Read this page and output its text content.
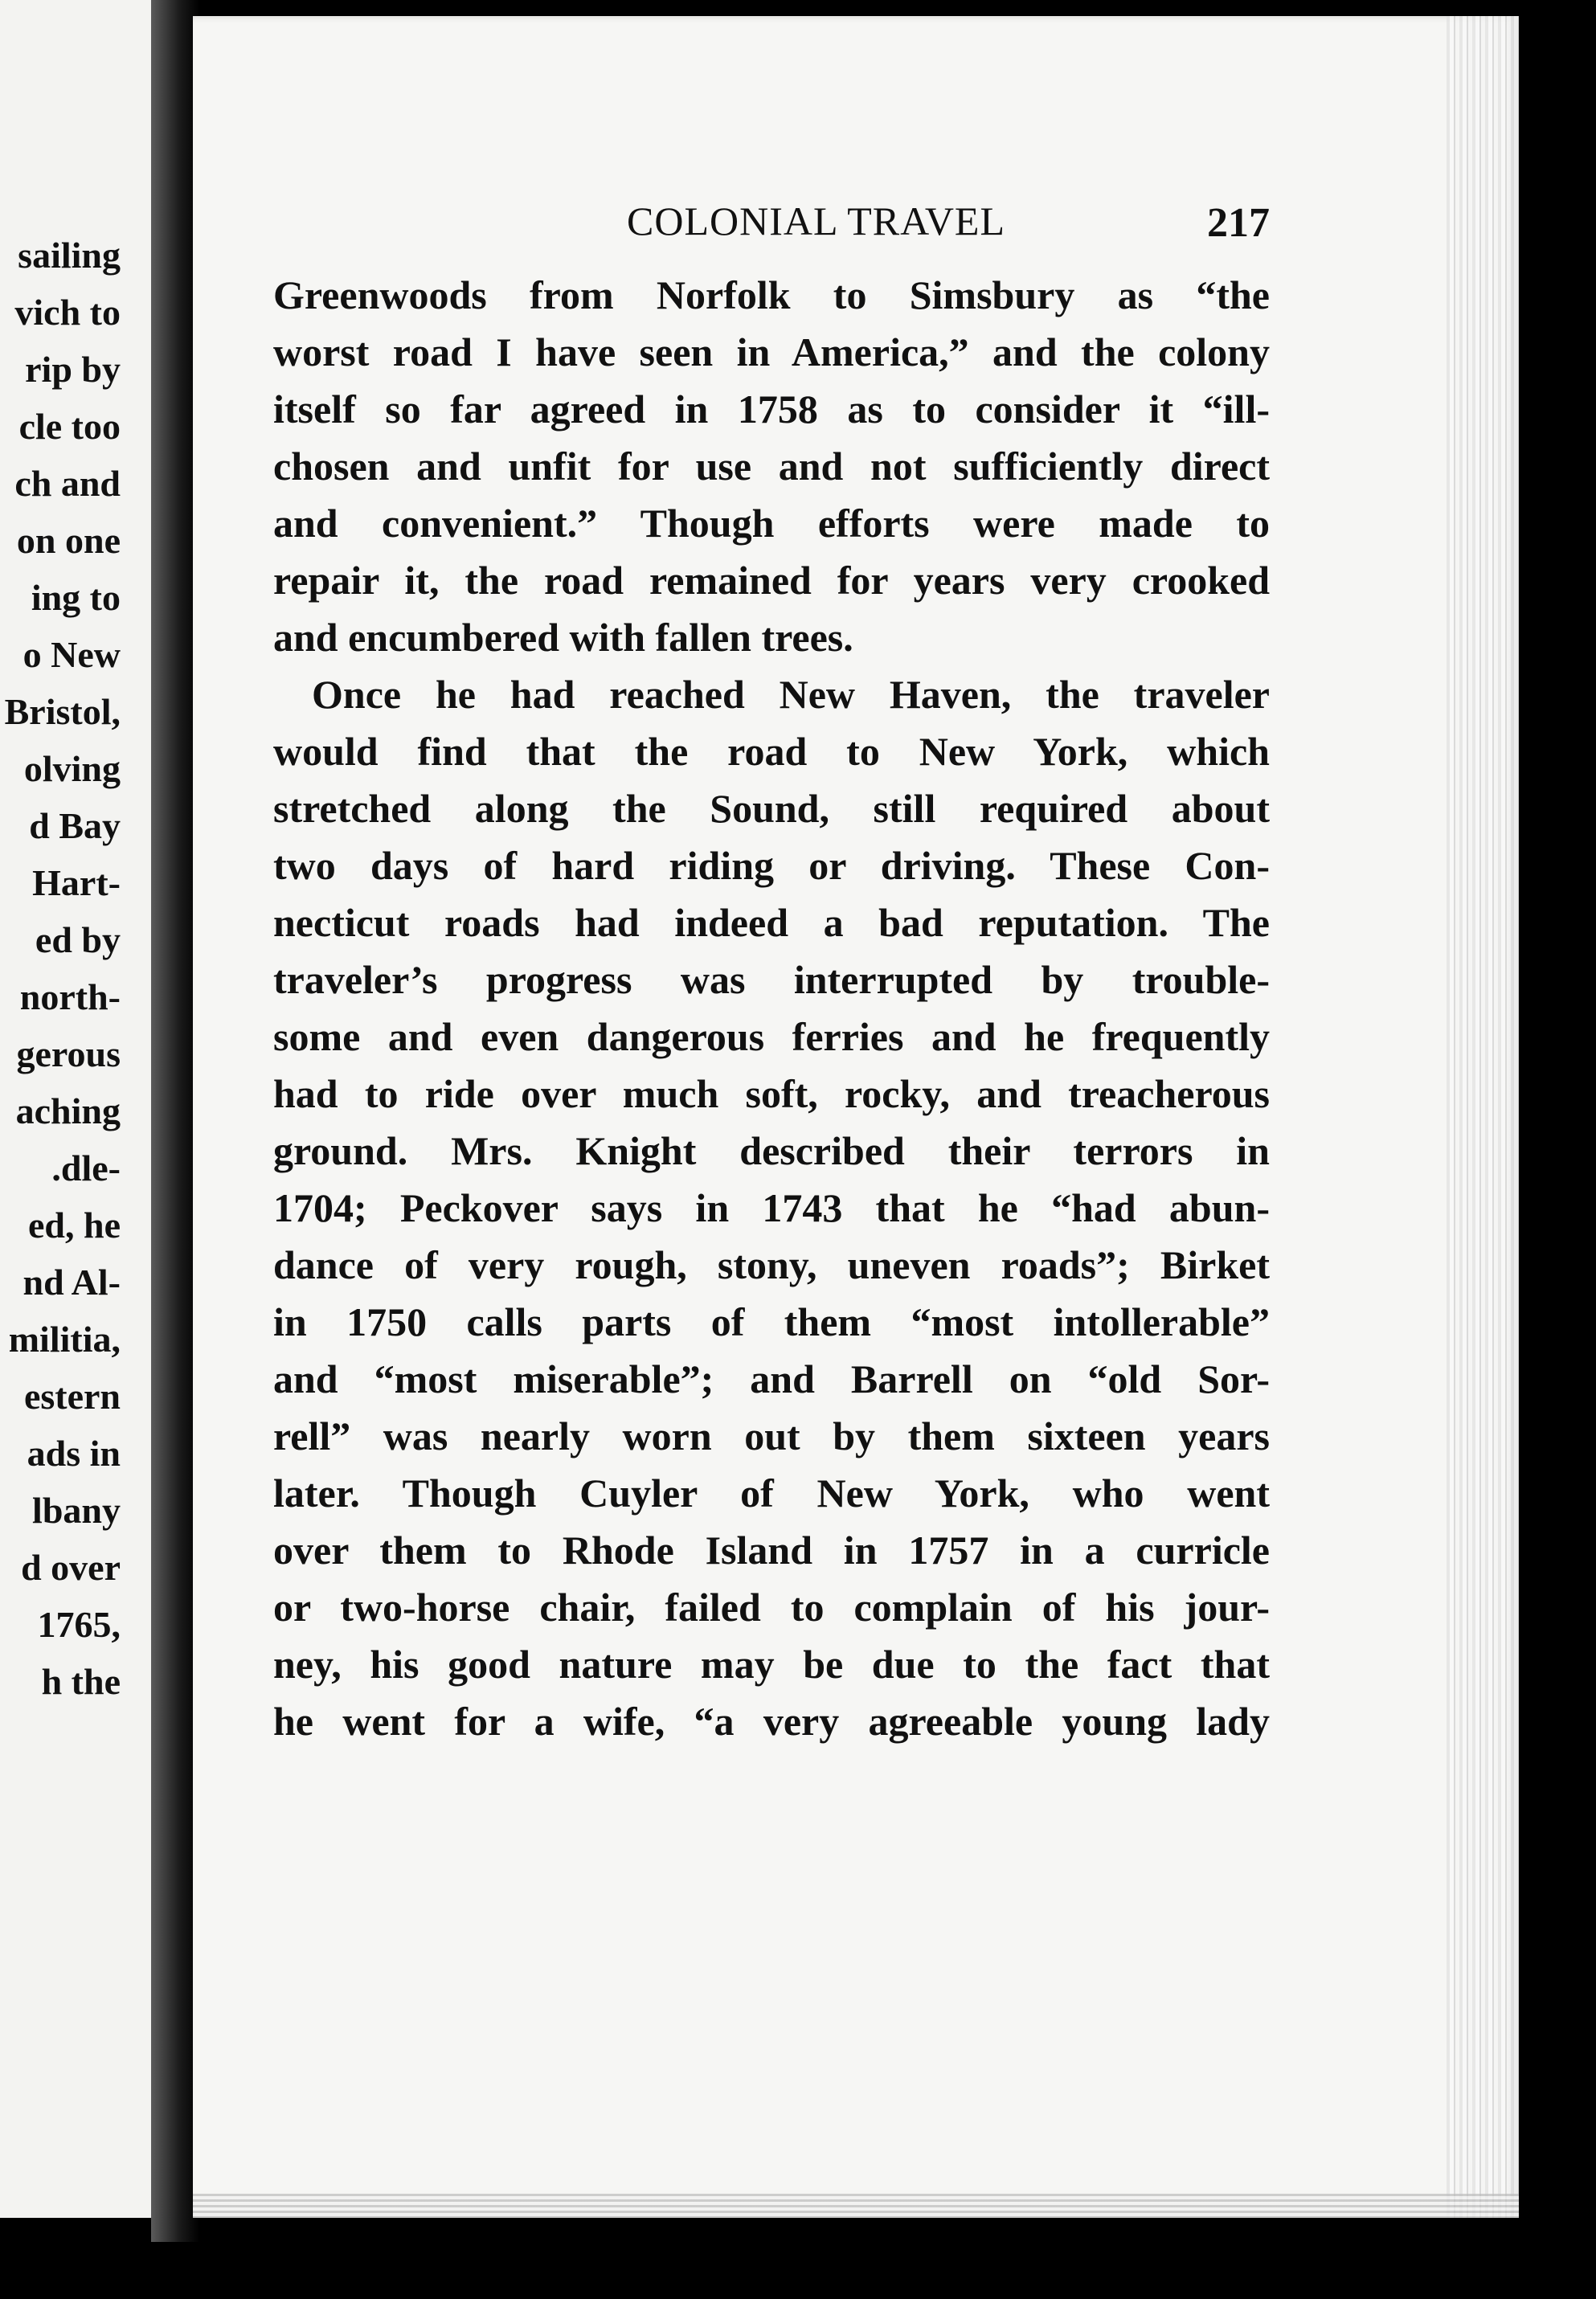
sailing
vich to
rip by
cle too
ch and
on one
ing to
o New
Bristol,
olving
d Bay
Hart-
ed by
north-
gerous
aching
.dle-
ed, he
nd Al-
militia,
estern
ads in
lbany
d over
1765,
h the
COLONIAL TRAVEL	217
Greenwoods from Norfolk to Simsbury as “the
worst road I have seen in America,” and the colony
itself so far agreed in 1758 as to consider it “ill-
chosen and unfit for use and not sufficiently direct
and convenient.” Though efforts were made to
repair it, the road remained for years very crooked
and encumbered with fallen trees.
Once he had reached New Haven, the traveler
would find that the road to New York, which
stretched along the Sound, still required about
two days of hard riding or driving. These Con-
necticut roads had indeed a bad reputation. The
traveler’s progress was interrupted by trouble-
some and even dangerous ferries and he frequently
had to ride over much soft, rocky, and treacherous
ground. Mrs. Knight described their terrors in
1704; Peckover says in 1743 that he “had abun-
dance of very rough, stony, uneven roads”; Birket
in 1750 calls parts of them “most intollerable”
and “most miserable”; and Barrell on “old Sor-
rell” was nearly worn out by them sixteen years
later. Though Cuyler of New York, who went
over them to Rhode Island in 1757 in a curricle
or two-horse chair, failed to complain of his jour-
ney, his good nature may be due to the fact that
he went for a wife, “a very agreeable young lady
